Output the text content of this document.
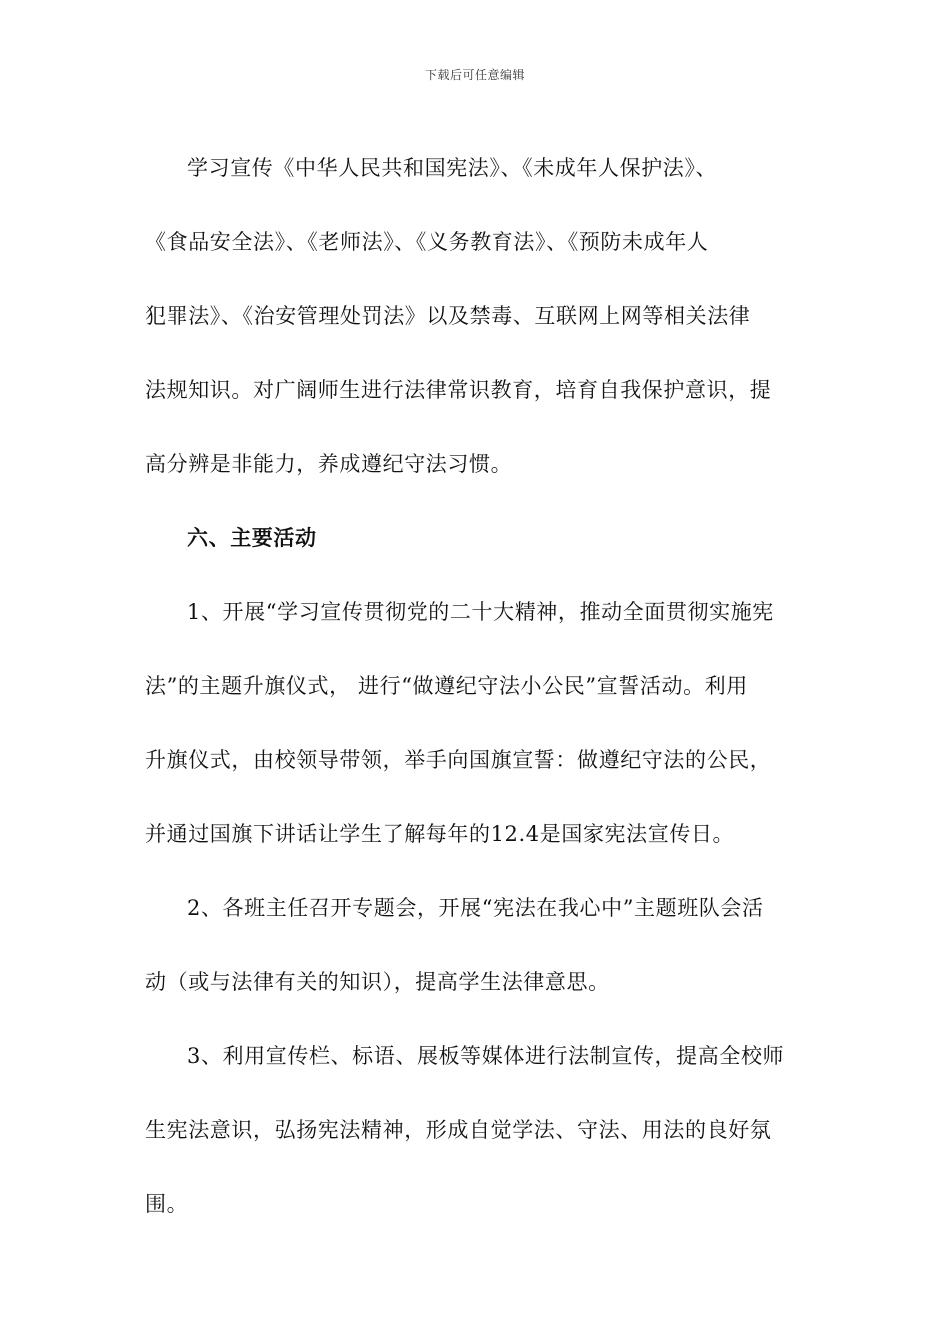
下载后可任意编辑
学习宣传《中华人民共和国宪法》、《未成年人保护法》、
《食品安全法》、《老师法》、《义务教育法》、《预防未成年人
犯罪法》、《治安管理处罚法》以及禁毒、互联网上网等相关法律
法规知识。对广阔师生进行法律常识教育，培育自我保护意识，提
高分辨是非能力，养成遵纪守法习惯。
六、主要活动
1、开展“学习宣传贯彻党的二十大精神，推动全面贯彻实施宪
法”的主题升旗仪式， 进行“做遵纪守法小公民”宣誓活动。利用
升旗仪式，由校领导带领，举手向国旗宣誓：做遵纪守法的公民，
并通过国旗下讲话让学生了解每年的12.4是国家宪法宣传日。
2、各班主任召开专题会，开展“宪法在我心中”主题班队会活
动（或与法律有关的知识），提高学生法律意思。
3、利用宣传栏、标语、展板等媒体进行法制宣传，提高全校师
生宪法意识，弘扬宪法精神，形成自觉学法、守法、用法的良好氛
围。
